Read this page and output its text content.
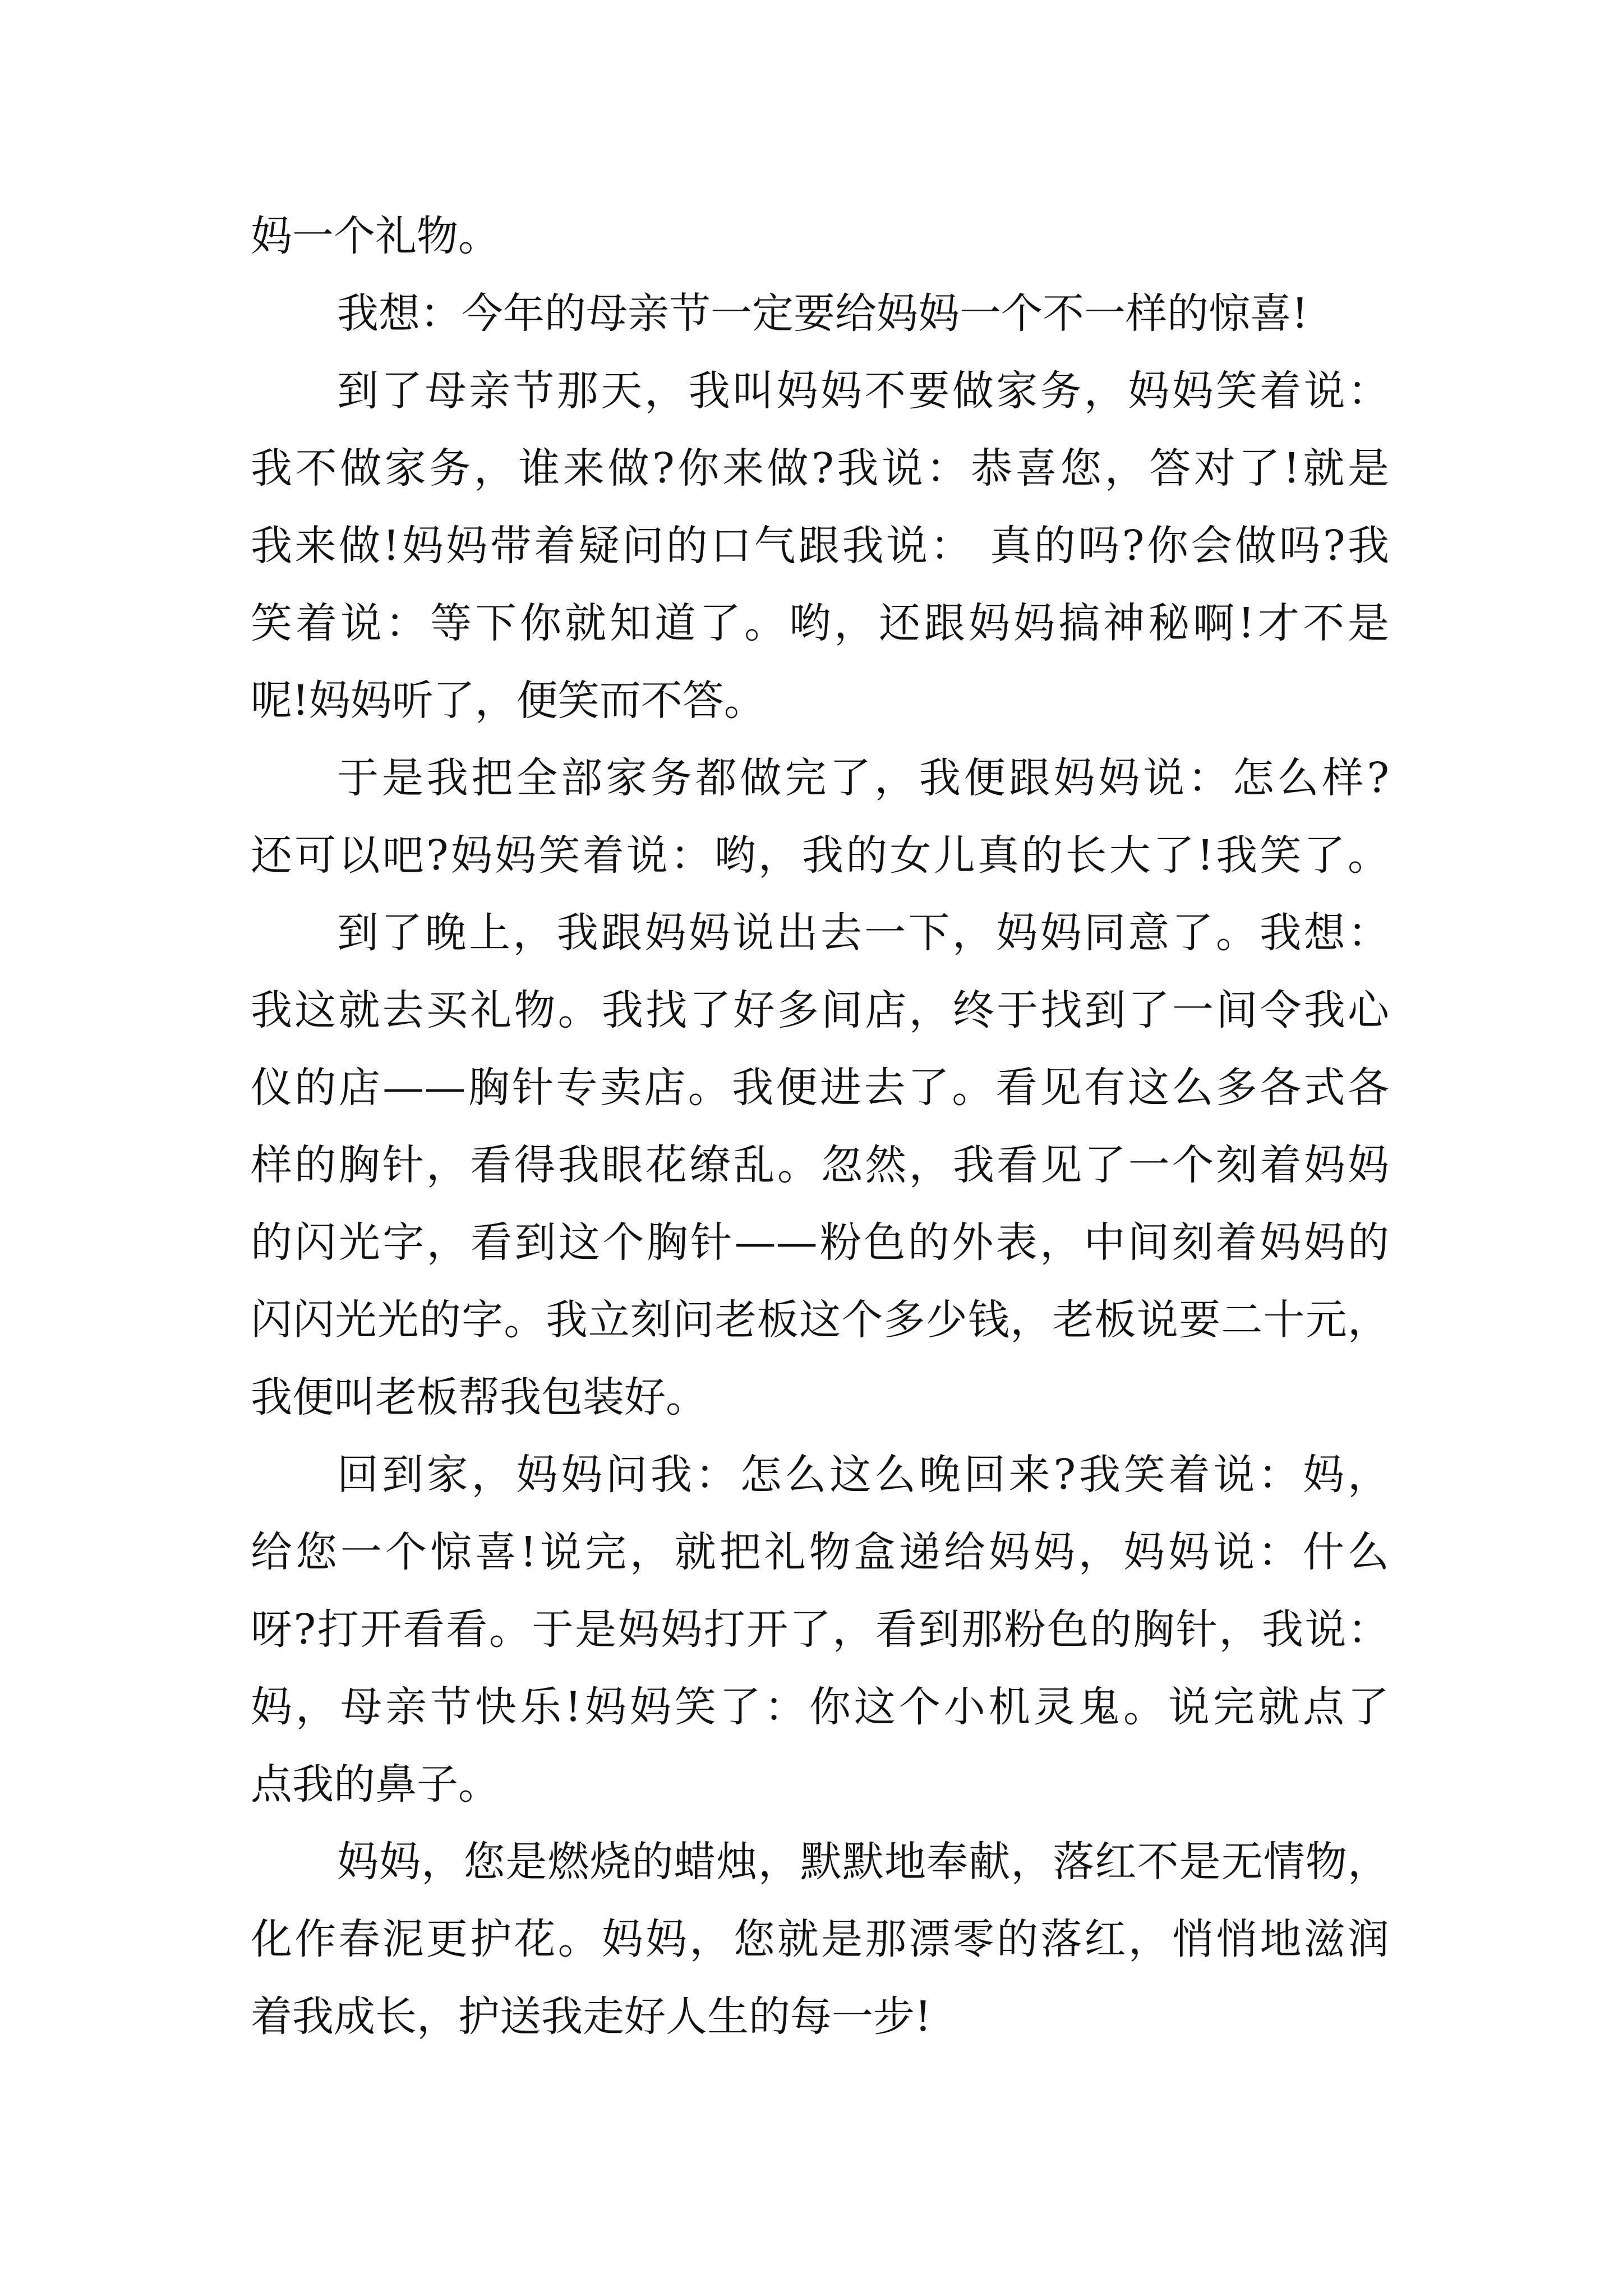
妈一个礼物。
我想：今年的母亲节一定要给妈妈一个不一样的惊喜!
到了母亲节那天，我叫妈妈不要做家务，妈妈笑着说：
我不做家务，谁来做?你来做?我说：恭喜您，答对了!就是
我来做!妈妈带着疑问的口气跟我说： 真的吗?你会做吗?我
笑着说：等下你就知道了。哟，还跟妈妈搞神秘啊!才不是
呢!妈妈听了，便笑而不答。
于是我把全部家务都做完了，我便跟妈妈说：怎么样?
还可以吧?妈妈笑着说：哟，我的女儿真的长大了!我笑了。
到了晚上，我跟妈妈说出去一下，妈妈同意了。我想：
我这就去买礼物。我找了好多间店，终于找到了一间令我心
仪的店——胸针专卖店。我便进去了。看见有这么多各式各
样的胸针，看得我眼花缭乱。忽然，我看见了一个刻着妈妈
的闪光字，看到这个胸针——粉色的外表，中间刻着妈妈的
闪闪光光的字。我立刻问老板这个多少钱，老板说要二十元，
我便叫老板帮我包装好。
回到家，妈妈问我：怎么这么晚回来?我笑着说：妈，
给您一个惊喜!说完，就把礼物盒递给妈妈，妈妈说：什么
呀?打开看看。于是妈妈打开了，看到那粉色的胸针，我说：
妈，母亲节快乐!妈妈笑了：你这个小机灵鬼。说完就点了
点我的鼻子。
妈妈，您是燃烧的蜡烛，默默地奉献，落红不是无情物，
化作春泥更护花。妈妈，您就是那漂零的落红，悄悄地滋润
着我成长，护送我走好人生的每一步!
